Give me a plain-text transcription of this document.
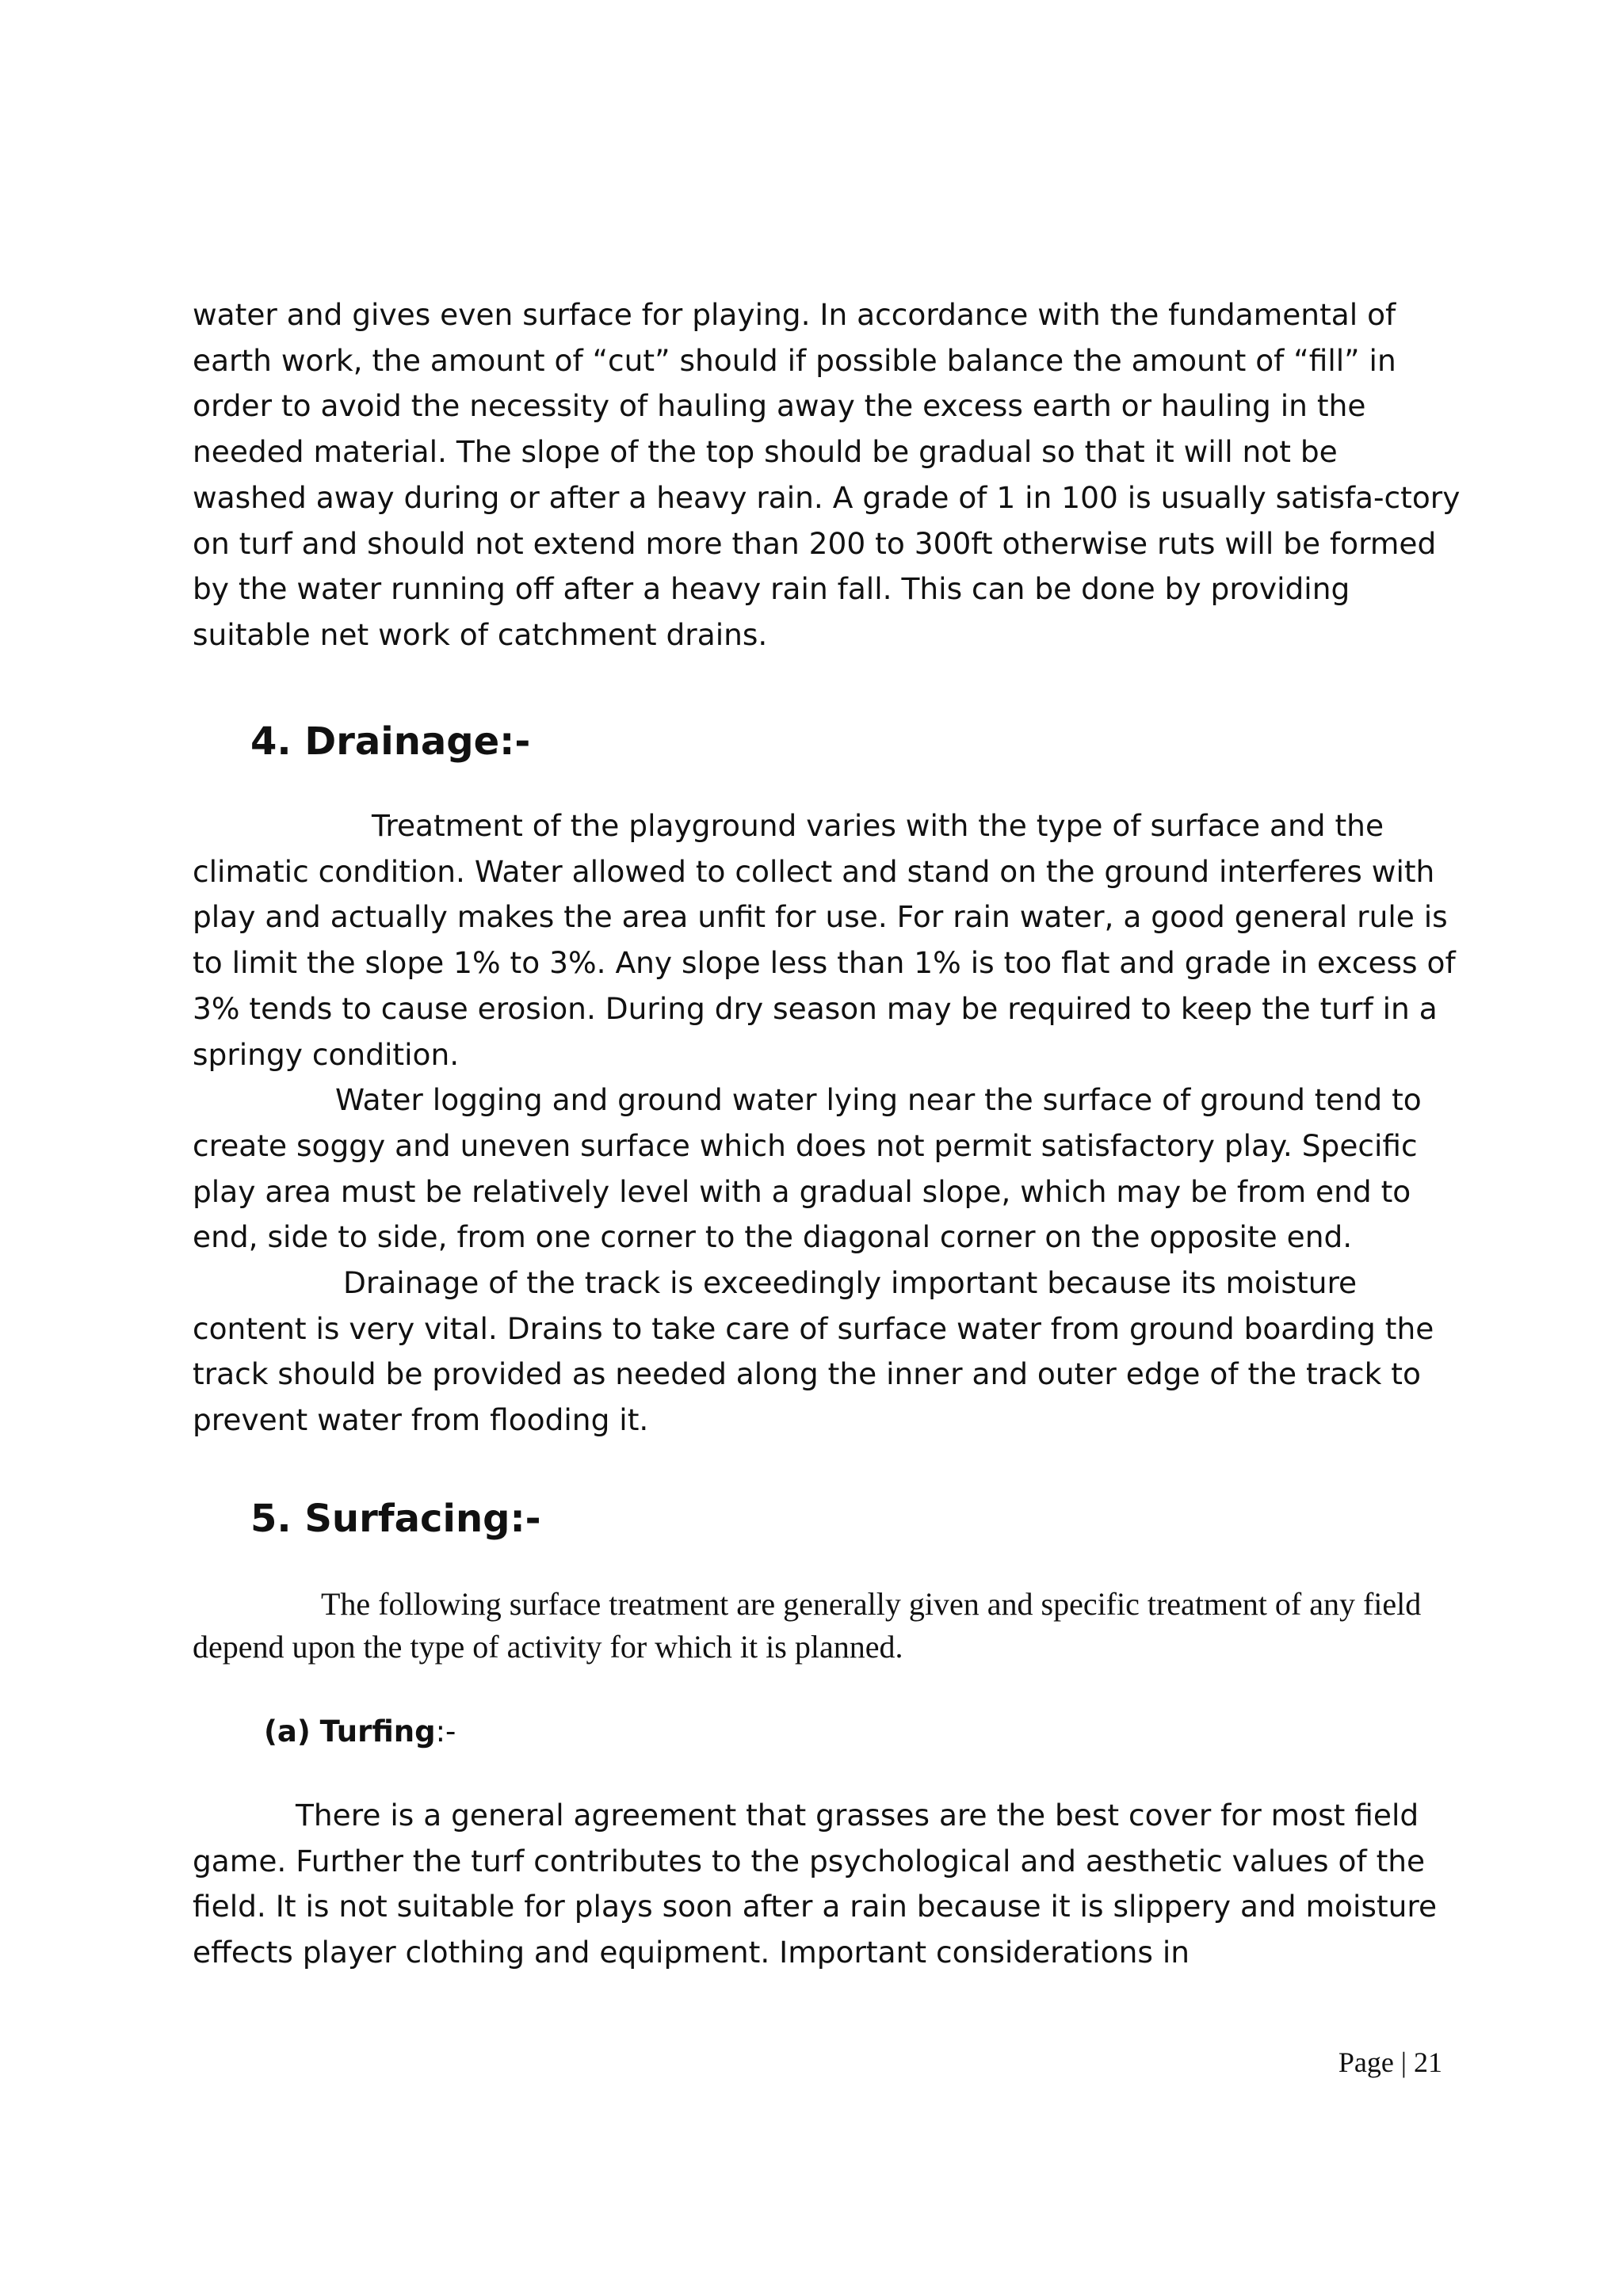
water and gives even surface for playing. In accordance with the fundamental of earth work, the amount of “cut” should if possible balance the amount of “fill” in order to avoid the necessity of hauling away the excess earth or hauling in the needed material. The slope of the top should be gradual so that it will not be washed away during or after a heavy rain. A grade of 1 in 100 is usually satisfa-ctory on turf and should not extend more than 200 to 300ft otherwise ruts will be formed by the water running off after a heavy rain fall. This can be done by providing suitable net work of catchment drains.

4. Drainage:-

Treatment of the playground varies with the type of surface and the climatic condition. Water allowed to collect and stand on the ground interferes with play and actually makes the area unfit for use. For rain water, a good general rule is to limit the slope 1% to 3%. Any slope less than 1% is too flat and grade in excess of 3% tends to cause erosion. During dry season may be required to keep the turf in a springy condition.

Water logging and ground water lying near the surface of ground tend to create soggy and uneven surface which does not permit satisfactory play. Specific play area must be relatively level with a gradual slope, which may be from end to end, side to side, from one corner to the diagonal corner on the opposite end.

Drainage of the track is exceedingly important because its moisture content is very vital. Drains to take care of surface water from ground boarding the track should be provided as needed along the inner and outer edge of the track to prevent water from flooding it.

5. Surfacing:-

The following surface treatment are generally given and specific treatment of any field depend upon the type of activity for which it is planned.

(a) Turfing:-

There is a general agreement that grasses are the best cover for most field game. Further the turf contributes to the psychological and aesthetic values of the field. It is not suitable for plays soon after a rain because it is slippery and moisture effects player clothing and equipment. Important considerations in

Page | 21
